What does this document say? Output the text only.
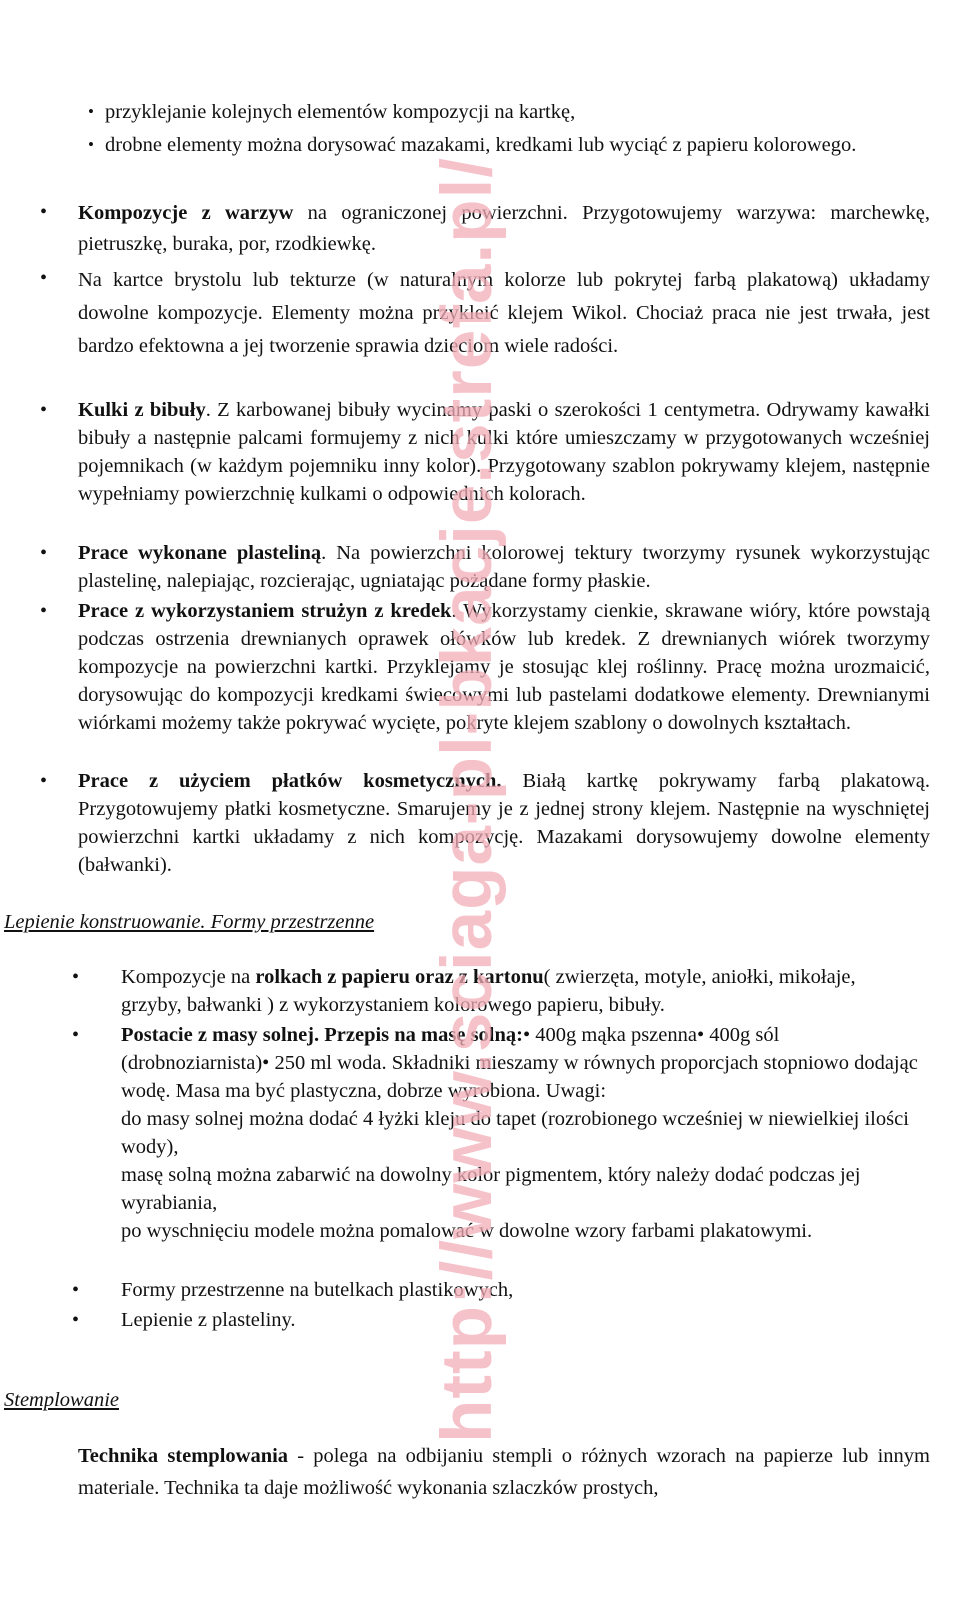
http://www.sciaga-pl-bkacje.strefa.pl/
• przyklejanie kolejnych elementów kompozycji na kartkę,
• drobne elementy można dorysować mazakami, kredkami lub wyciąć z papieru kolorowego.
• Kompozycje z warzyw na ograniczonej powierzchni. Przygotowujemy warzywa: marchewkę, pietruszkę, buraka, por, rzodkiewkę.
• Na kartce brystolu lub tekturze (w naturalnym kolorze lub pokrytej farbą plakatową) układamy dowolne kompozycje. Elementy można przykleić klejem Wikol. Chociaż praca nie jest trwała, jest bardzo efektowna a jej tworzenie sprawia dzieciom wiele radości.
• Kulki z bibuły. Z karbowanej bibuły wycinamy paski o szerokości 1 centymetra. Odrywamy kawałki bibuły a następnie palcami formujemy z nich kulki które umieszczamy w przygotowanych wcześniej pojemnikach (w każdym pojemniku inny kolor). Przygotowany szablon pokrywamy klejem, następnie wypełniamy powierzchnię kulkami o odpowiednich kolorach.
• Prace wykonane plasteliną. Na powierzchni kolorowej tektury tworzymy rysunek wykorzystując plastelinę, nalepiając, rozcierając, ugniatając pożądane formy płaskie.
• Prace z wykorzystaniem strużyn z kredek. Wykorzystamy cienkie, skrawane wióry, które powstają podczas ostrzenia drewnianych oprawek ołówków lub kredek. Z drewnianych wiórek tworzymy kompozycje na powierzchni kartki. Przyklejamy je stosując klej roślinny. Pracę można urozmaicić, dorysowując do kompozycji kredkami świecowymi lub pastelami dodatkowe elementy. Drewnianymi wiórkami możemy także pokrywać wycięte, pokryte klejem szablony o dowolnych kształtach.
• Prace z użyciem płatków kosmetycznych. Białą kartkę pokrywamy farbą plakatową. Przygotowujemy płatki kosmetyczne. Smarujemy je z jednej strony klejem. Następnie na wyschniętej powierzchni kartki układamy z nich kompozycję. Mazakami dorysowujemy dowolne elementy (bałwanki).
Lepienie konstruowanie. Formy przestrzenne
• Kompozycje na rolkach z papieru oraz z kartonu( zwierzęta, motyle, aniołki, mikołaje, grzyby, bałwanki ) z wykorzystaniem kolorowego papieru, bibuły.
• Postacie z masy solnej. Przepis na masę solną:• 400g mąka pszenna• 400g sól (drobnoziarnista)• 250 ml woda. Składniki mieszamy w równych proporcjach stopniowo dodając wodę. Masa ma być plastyczna, dobrze wyrobiona. Uwagi:
do masy solnej można dodać 4 łyżki kleju do tapet (rozrobionego wcześniej w niewielkiej ilości wody),
masę solną można zabarwić na dowolny kolor pigmentem, który należy dodać podczas jej wyrabiania,
po wyschnięciu modele można pomalować w dowolne wzory farbami plakatowymi.
• Formy przestrzenne na butelkach plastikowych,
• Lepienie z plasteliny.
Stemplowanie
Technika stemplowania - polega na odbijaniu stempli o różnych wzorach na papierze lub innym materiale. Technika ta daje możliwość wykonania szlaczków prostych,
